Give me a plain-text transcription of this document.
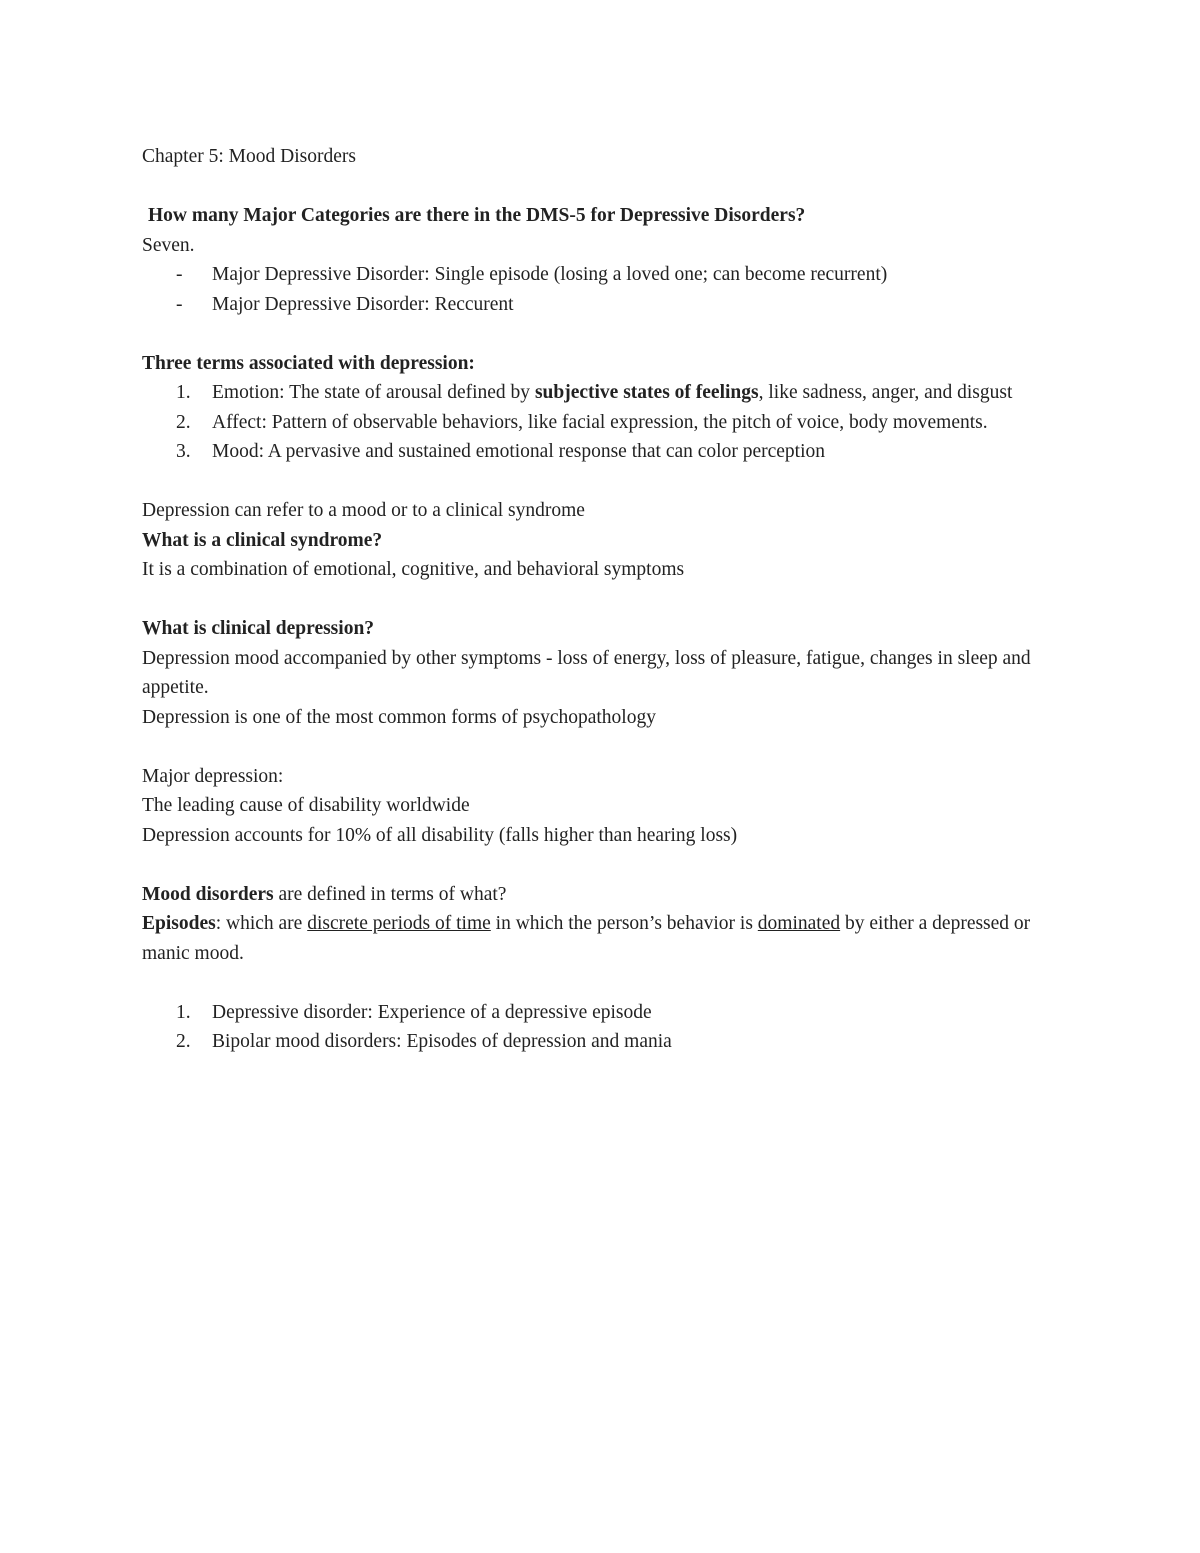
Chapter 5: Mood Disorders

How many Major Categories are there in the DMS-5 for Depressive Disorders?

Seven.

- Major Depressive Disorder: Single episode (losing a loved one; can become recurrent)
- Major Depressive Disorder: Reccurent

Three terms associated with depression:

1. Emotion: The state of arousal defined by subjective states of feelings, like sadness, anger, and disgust
2. Affect: Pattern of observable behaviors, like facial expression, the pitch of voice, body movements.
3. Mood: A pervasive and sustained emotional response that can color perception

Depression can refer to a mood or to a clinical syndrome

What is a clinical syndrome?

It is a combination of emotional, cognitive, and behavioral symptoms

What is clinical depression?

Depression mood accompanied by other symptoms - loss of energy, loss of pleasure, fatigue, changes in sleep and appetite.

Depression is one of the most common forms of psychopathology

Major depression:

The leading cause of disability worldwide

Depression accounts for 10% of all disability (falls higher than hearing loss)

Mood disorders are defined in terms of what?

Episodes: which are discrete periods of time in which the person’s behavior is dominated by either a depressed or manic mood.

1. Depressive disorder: Experience of a depressive episode
2. Bipolar mood disorders: Episodes of depression and mania
